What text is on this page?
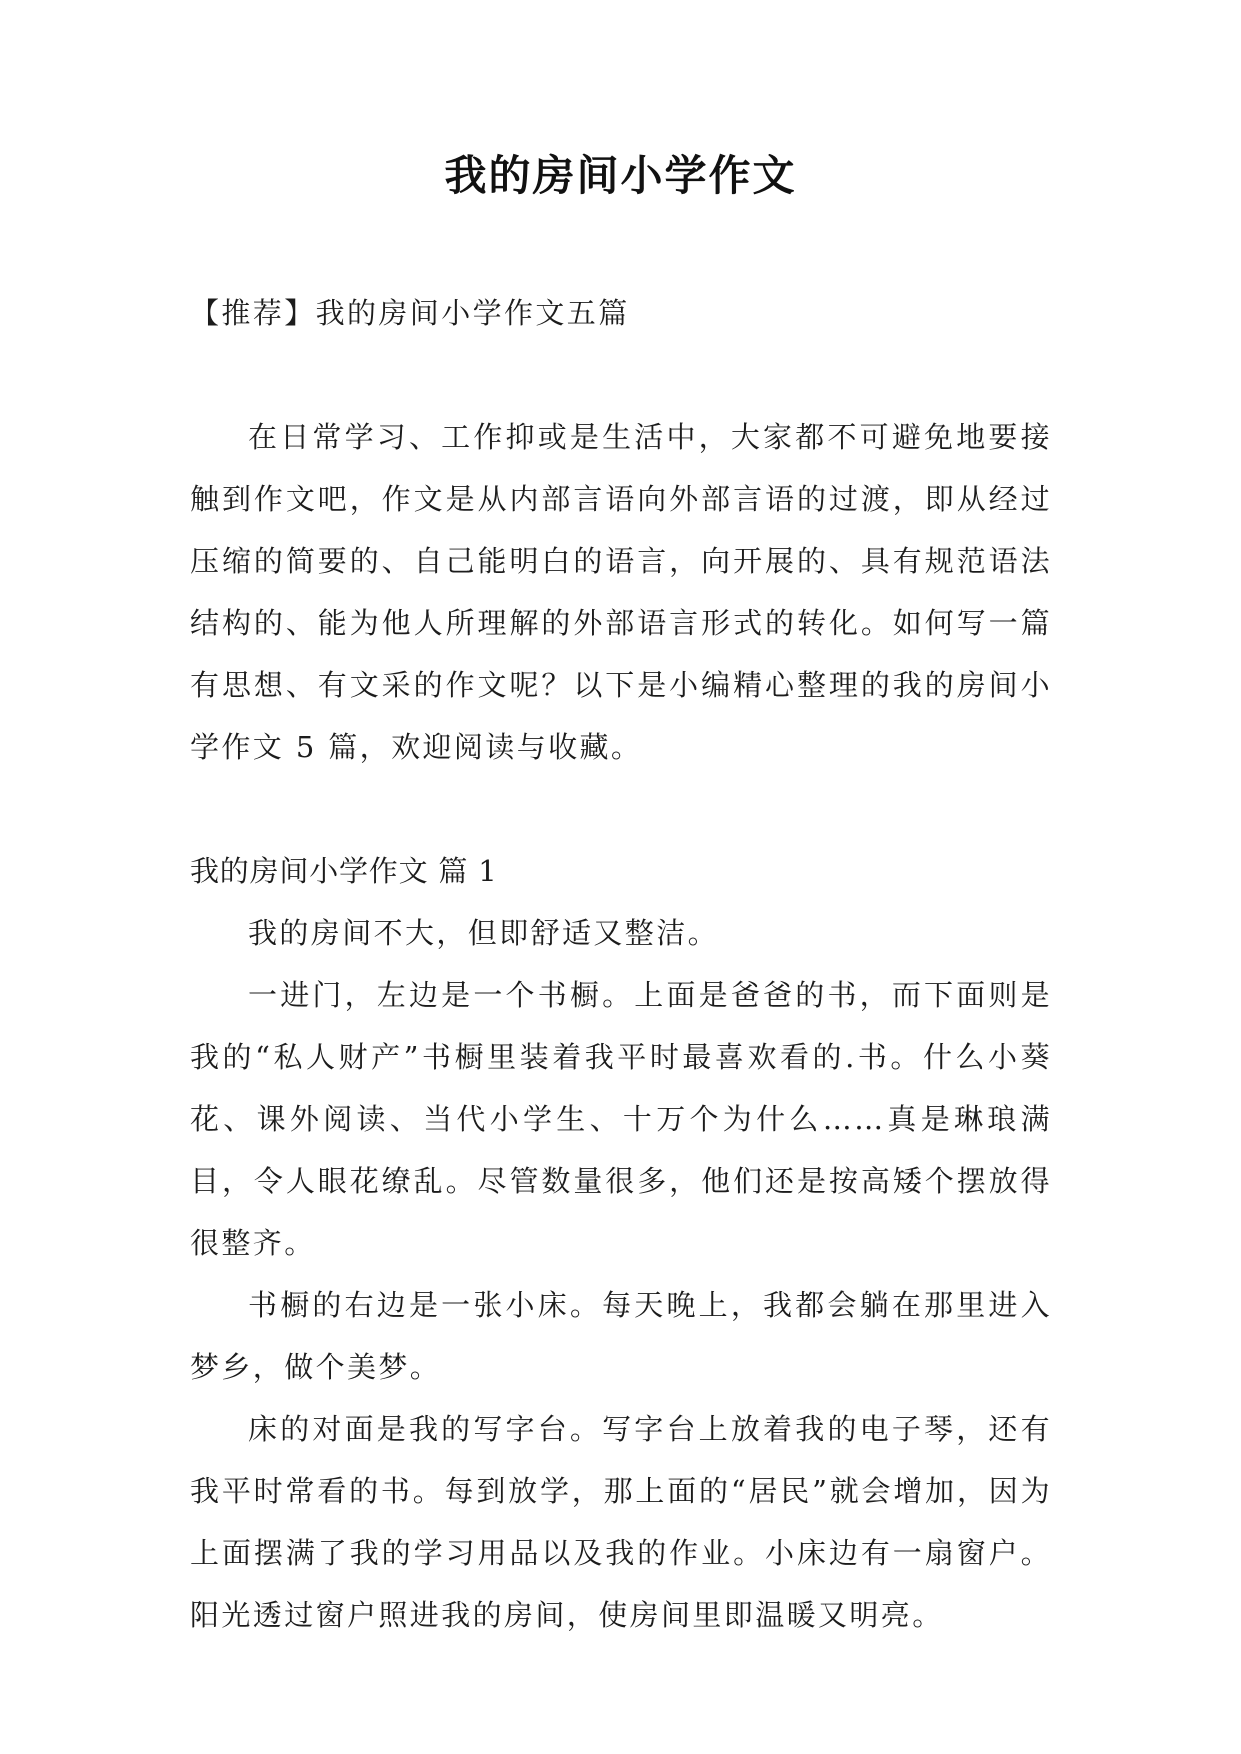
我的房间小学作文

【推荐】我的房间小学作文五篇

在日常学习、工作抑或是生活中，大家都不可避免地要接触到作文吧，作文是从内部言语向外部言语的过渡，即从经过压缩的简要的、自己能明白的语言，向开展的、具有规范语法结构的、能为他人所理解的外部语言形式的转化。如何写一篇有思想、有文采的作文呢？以下是小编精心整理的我的房间小学作文 5 篇，欢迎阅读与收藏。

我的房间小学作文 篇 1

我的房间不大，但即舒适又整洁。

一进门，左边是一个书橱。上面是爸爸的书，而下面则是我的“私人财产”书橱里装着我平时最喜欢看的.书。什么小葵花、课外阅读、当代小学生、十万个为什么……真是琳琅满目，令人眼花缭乱。尽管数量很多，他们还是按高矮个摆放得很整齐。

书橱的右边是一张小床。每天晚上，我都会躺在那里进入梦乡，做个美梦。

床的对面是我的写字台。写字台上放着我的电子琴，还有我平时常看的书。每到放学，那上面的“居民”就会增加，因为上面摆满了我的学习用品以及我的作业。小床边有一扇窗户。阳光透过窗户照进我的房间，使房间里即温暖又明亮。
